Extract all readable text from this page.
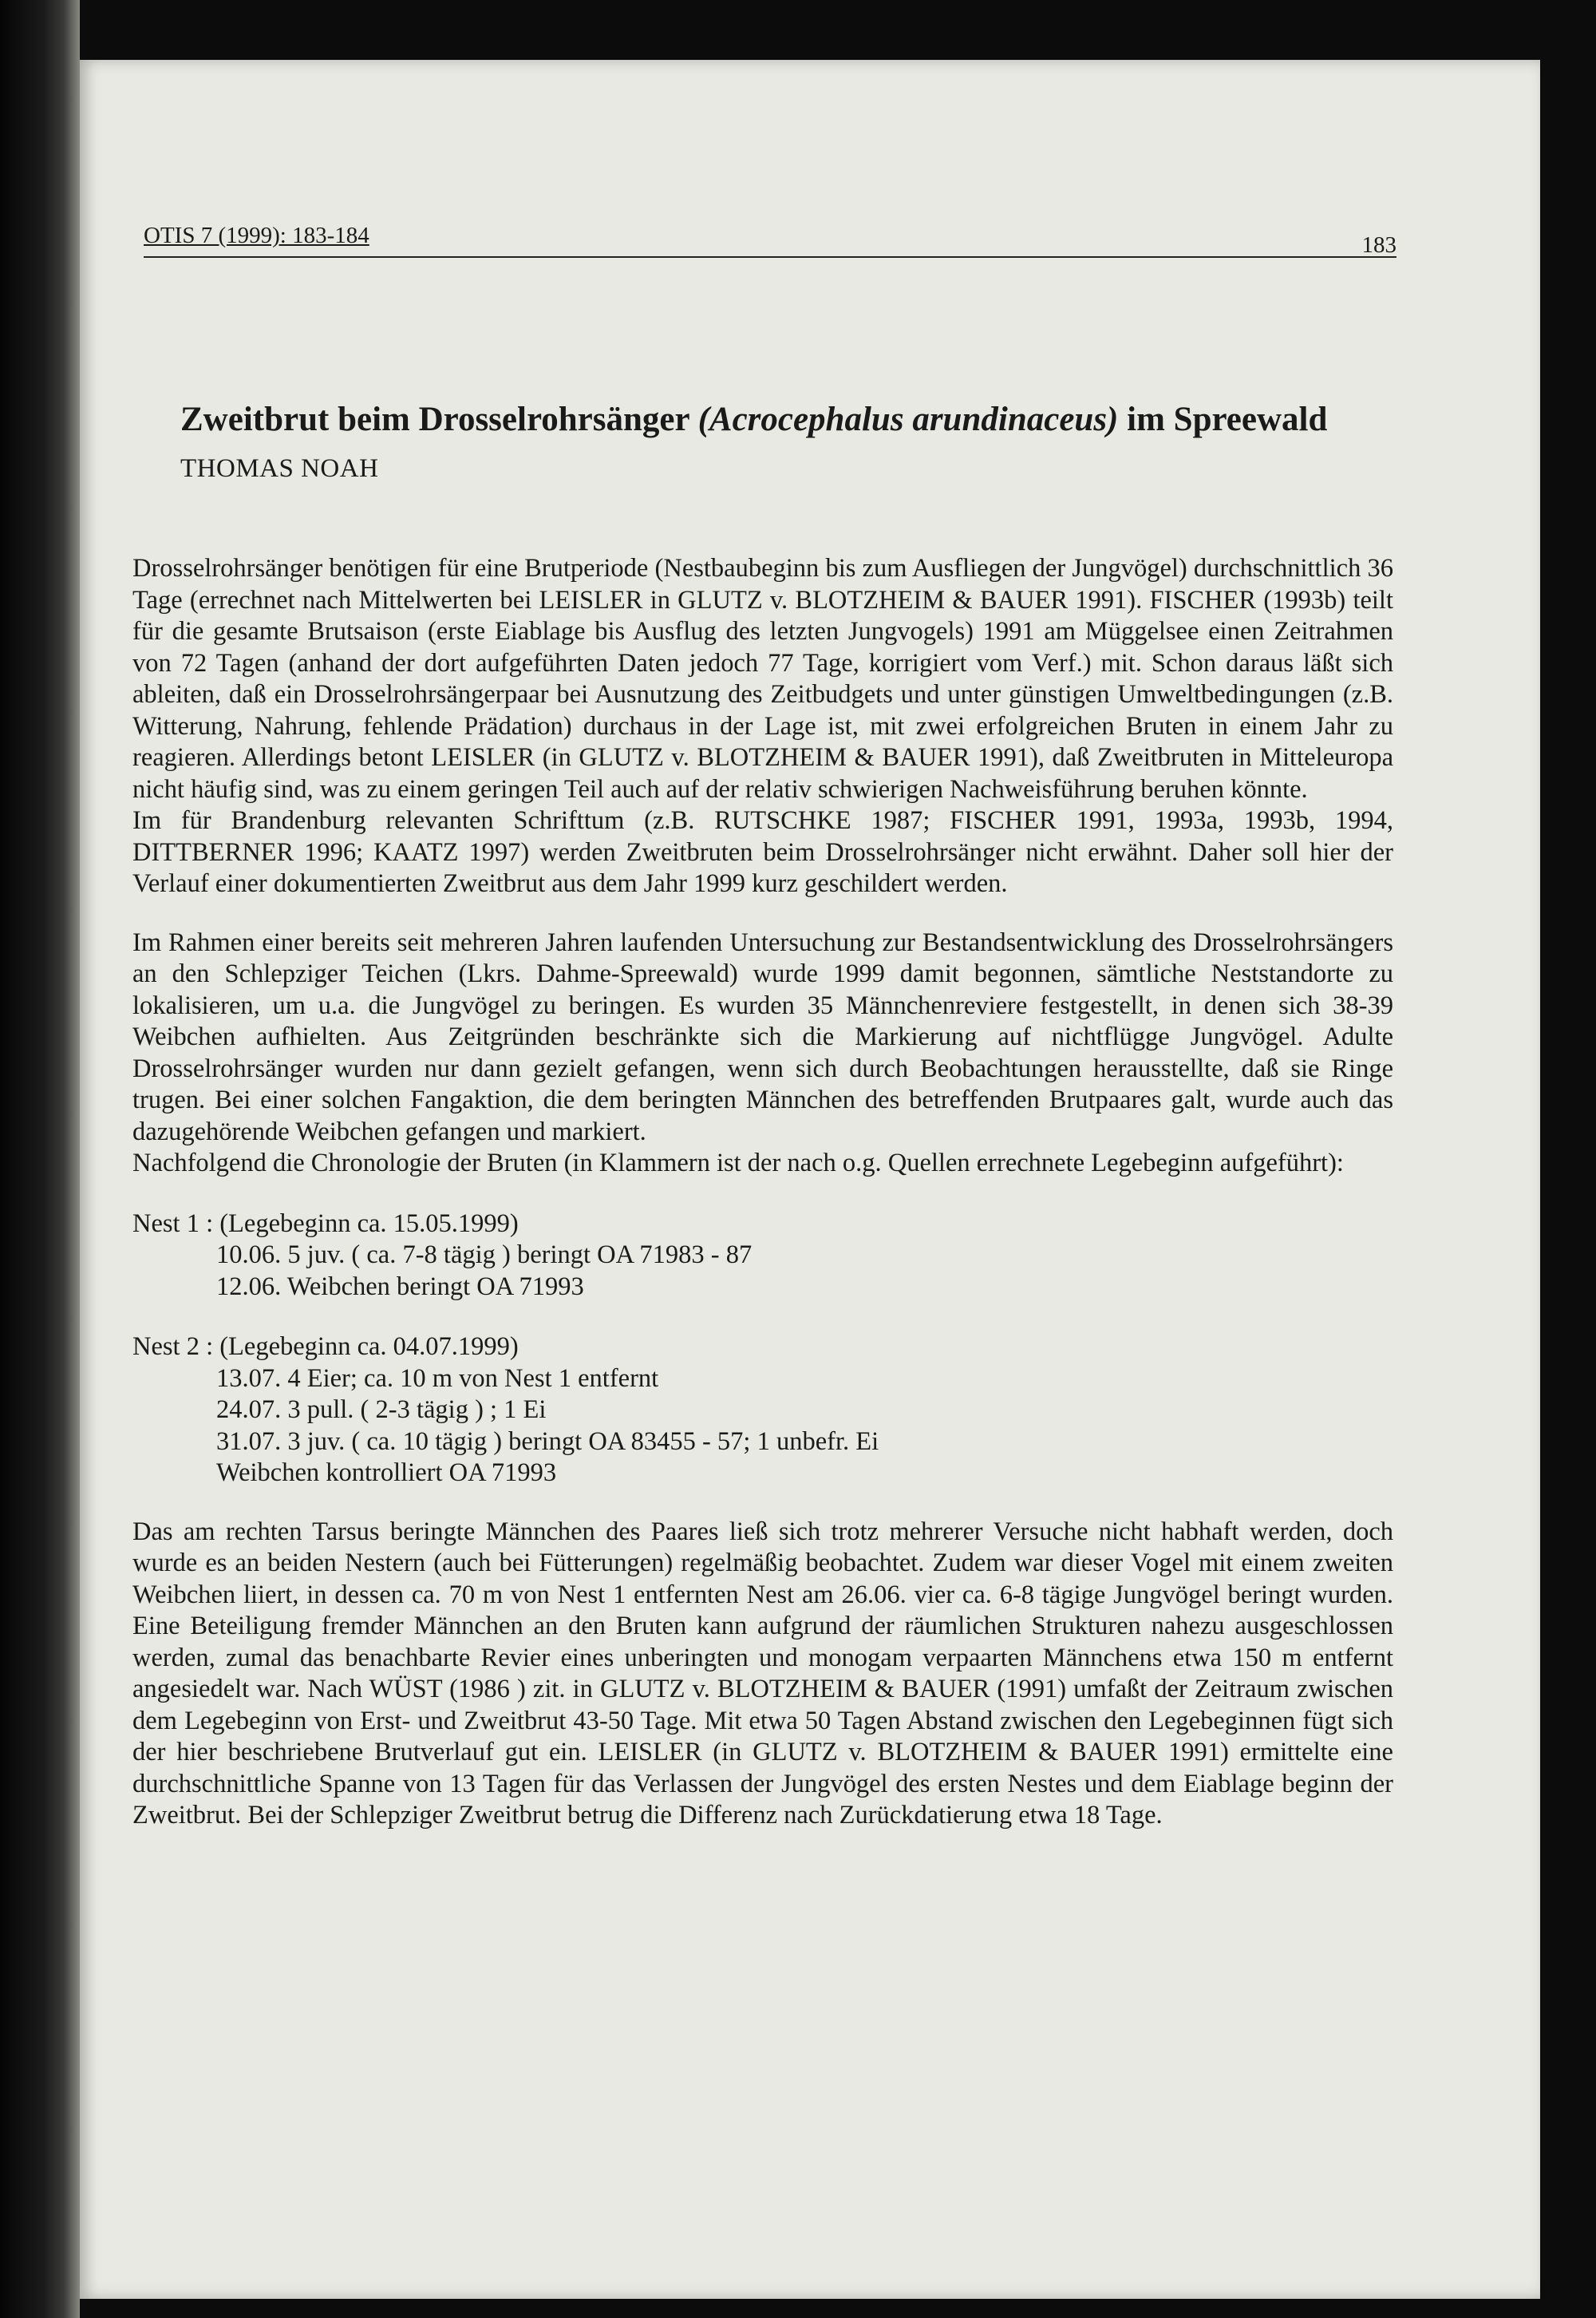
OTIS 7 (1999): 183-184	183
Zweitbrut beim Drosselrohrsänger (Acrocephalus arundinaceus) im Spreewald
THOMAS NOAH

Drosselrohrsänger benötigen für eine Brutperiode (Nestbaubeginn bis zum Ausfliegen der Jungvögel) durchschnittlich 36 Tage (errechnet nach Mittelwerten bei LEISLER in GLUTZ v. BLOTZHEIM & BAUER 1991). FISCHER (1993b) teilt für die gesamte Brutsaison (erste Eiablage bis Ausflug des letzten Jungvogels) 1991 am Müggelsee einen Zeitrahmen von 72 Tagen (anhand der dort aufgeführten Daten jedoch 77 Tage, korrigiert vom Verf.) mit. Schon daraus läßt sich ableiten, daß ein Drosselrohrsängerpaar bei Ausnutzung des Zeitbudgets und unter günstigen Umweltbedingungen (z.B. Witterung, Nahrung, fehlende Prädation) durchaus in der Lage ist, mit zwei erfolgreichen Bruten in einem Jahr zu reagieren. Allerdings betont LEISLER (in GLUTZ v. BLOTZHEIM & BAUER 1991), daß Zweitbruten in Mitteleuropa nicht häufig sind, was zu einem geringen Teil auch auf der relativ schwierigen Nachweisführung beruhen könnte.

Im für Brandenburg relevanten Schrifttum (z.B. RUTSCHKE 1987; FISCHER 1991, 1993a, 1993b, 1994, DITTBERNER 1996; KAATZ 1997) werden Zweitbruten beim Drosselrohrsänger nicht erwähnt. Daher soll hier der Verlauf einer dokumentierten Zweitbrut aus dem Jahr 1999 kurz geschildert werden.

Im Rahmen einer bereits seit mehreren Jahren laufenden Untersuchung zur Bestandsentwicklung des Drosselrohrsängers an den Schlepziger Teichen (Lkrs. Dahme-Spreewald) wurde 1999 damit begonnen, sämtliche Neststandorte zu lokalisieren, um u.a. die Jungvögel zu beringen. Es wurden 35 Männchenreviere festgestellt, in denen sich 38-39 Weibchen aufhielten. Aus Zeitgründen beschränkte sich die Markierung auf nichtflügge Jungvögel. Adulte Drosselrohrsänger wurden nur dann gezielt gefangen, wenn sich durch Beobachtungen herausstellte, daß sie Ringe trugen. Bei einer solchen Fangaktion, die dem beringten Männchen des betreffenden Brutpaares galt, wurde auch das dazugehörende Weibchen gefangen und markiert.

Nachfolgend die Chronologie der Bruten (in Klammern ist der nach o.g. Quellen errechnete Legebeginn aufgeführt):

Nest 1 : (Legebeginn ca. 15.05.1999)
10.06. 5 juv. ( ca. 7-8 tägig ) beringt OA 71983 - 87
12.06. Weibchen beringt OA 71993
Nest 2 : (Legebeginn ca. 04.07.1999)
13.07. 4 Eier; ca. 10 m von Nest 1 entfernt
24.07. 3 pull. ( 2-3 tägig ) ; 1 Ei
31.07. 3 juv. ( ca. 10 tägig ) beringt OA 83455 - 57; 1 unbefr. Ei
Weibchen kontrolliert OA 71993

Das am rechten Tarsus beringte Männchen des Paares ließ sich trotz mehrerer Versuche nicht habhaft werden, doch wurde es an beiden Nestern (auch bei Fütterungen) regelmäßig beobachtet. Zudem war dieser Vogel mit einem zweiten Weibchen liiert, in dessen ca. 70 m von Nest 1 entfernten Nest am 26.06. vier ca. 6-8 tägige Jungvögel beringt wurden. Eine Beteiligung fremder Männchen an den Bruten kann aufgrund der räumlichen Strukturen nahezu ausgeschlossen werden, zumal das benachbarte Revier eines unberingten und monogam verpaarten Männchens etwa 150 m entfernt angesiedelt war. Nach WÜST (1986 ) zit. in GLUTZ v. BLOTZHEIM & BAUER (1991) umfaßt der Zeitraum zwischen dem Legebeginn von Erst- und Zweitbrut 43-50 Tage. Mit etwa 50 Tagen Abstand zwischen den Legebeginnen fügt sich der hier beschriebene Brutverlauf gut ein. LEISLER (in GLUTZ v. BLOTZHEIM & BAUER 1991) ermittelte eine durchschnittliche Spanne von 13 Tagen für das Verlassen der Jungvögel des ersten Nestes und dem Eiablage beginn der Zweitbrut. Bei der Schlepziger Zweitbrut betrug die Differenz nach Zurückdatierung etwa 18 Tage.
